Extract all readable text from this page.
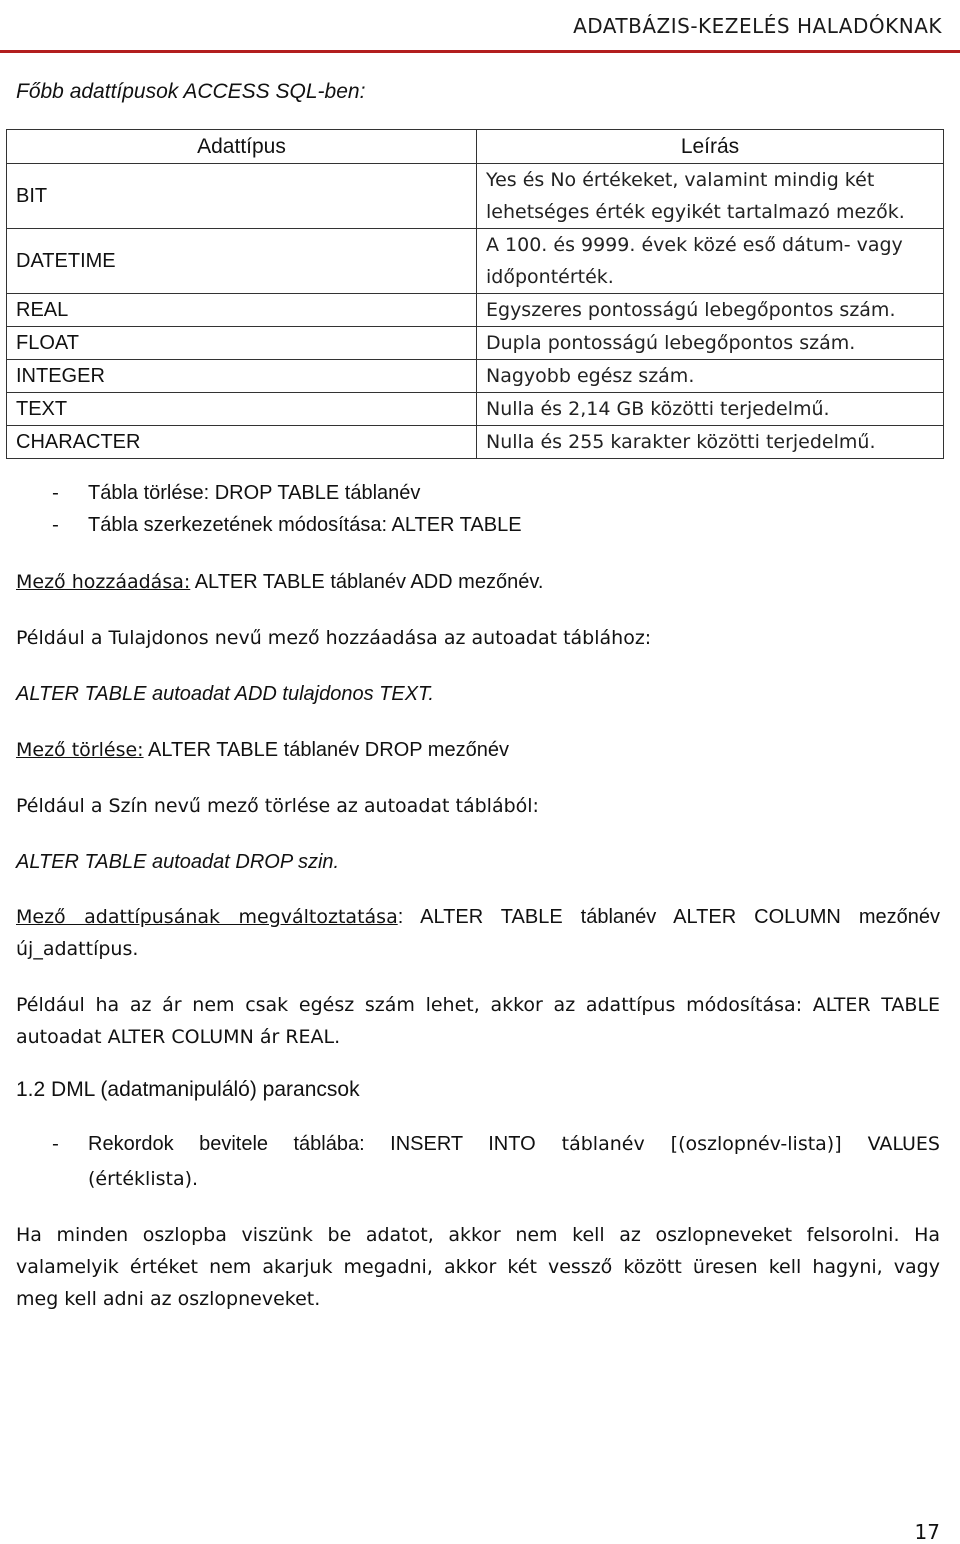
ADATBÁZIS-KEZELÉS HALADÓKNAK
Főbb adattípusok ACCESS SQL-ben:
Adattípus	Leírás
BIT	Yes és No értékeket, valamint mindig két lehetséges érték egyikét tartalmazó mezők.
DATETIME	A 100. és 9999. évek közé eső dátum- vagy időpontérték.
REAL	Egyszeres pontosságú lebegőpontos szám.
FLOAT	Dupla pontosságú lebegőpontos szám.
INTEGER	Nagyobb egész szám.
TEXT	Nulla és 2,14 GB közötti terjedelmű.
CHARACTER	Nulla és 255 karakter közötti terjedelmű.
- Tábla törlése: DROP TABLE táblanév
- Tábla szerkezetének módosítása: ALTER TABLE
Mező hozzáadása: ALTER TABLE táblanév ADD mezőnév.
Például a Tulajdonos nevű mező hozzáadása az autoadat táblához:
ALTER TABLE autoadat ADD tulajdonos TEXT.
Mező törlése: ALTER TABLE táblanév DROP mezőnév
Például a Szín nevű mező törlése az autoadat táblából:
ALTER TABLE autoadat DROP szin.
Mező adattípusának megváltoztatása: ALTER TABLE táblanév ALTER COLUMN mezőnév
új_adattípus.
Például ha az ár nem csak egész szám lehet, akkor az adattípus módosítása: ALTER TABLE
autoadat ALTER COLUMN ár REAL.
1.2 DML (adatmanipuláló) parancsok
- Rekordok bevitele táblába: INSERT INTO táblanév [(oszlopnév-lista)] VALUES
(értéklista).
Ha minden oszlopba viszünk be adatot, akkor nem kell az oszlopneveket felsorolni. Ha
valamelyik értéket nem akarjuk megadni, akkor két vessző között üresen kell hagyni, vagy
meg kell adni az oszlopneveket.
17
